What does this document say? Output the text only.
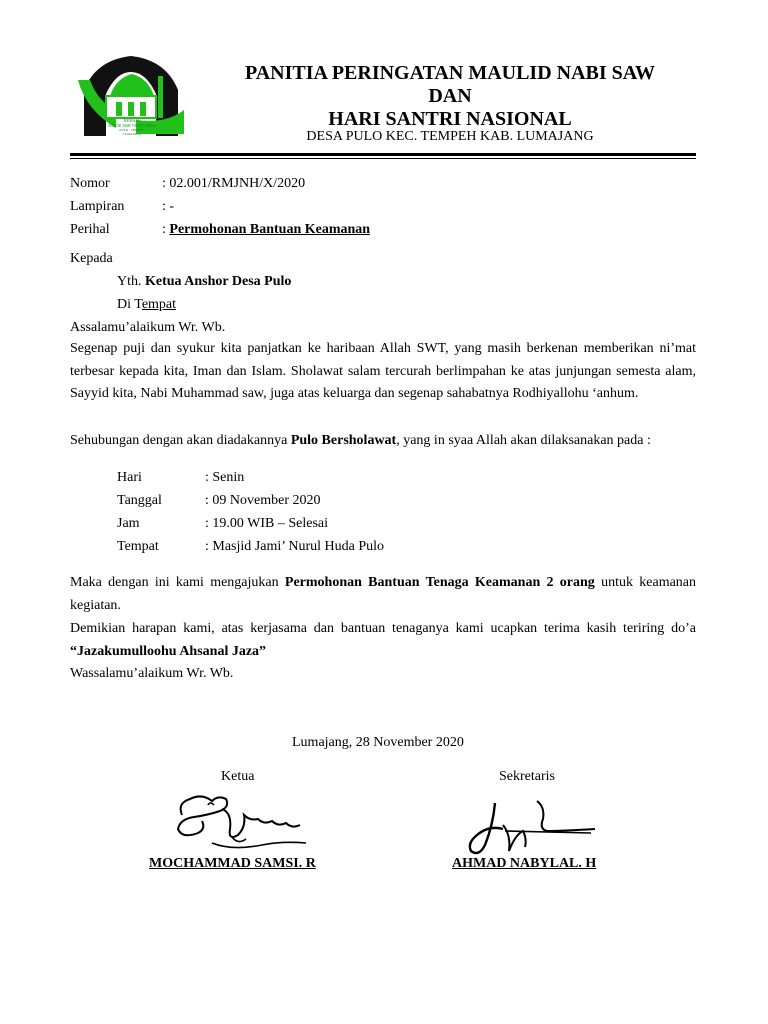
REMAJA
MASJID JAMI' NURUL HUDA
PULO - TEMPEH
LUMAJANG
PANITIA PERINGATAN MAULID NABI SAW
DAN
HARI SANTRI NASIONAL
DESA PULO KEC. TEMPEH KAB. LUMAJANG
Nomor	: 02.001/RMJNH/X/2020
Lampiran	: -
Perihal	: Permohonan Bantuan Keamanan
Kepada
Yth. Ketua Anshor Desa Pulo
Di Tempat
Assalamu’alaikum Wr. Wb.
Segenap puji dan syukur kita panjatkan ke haribaan Allah SWT, yang masih berkenan memberikan ni’mat terbesar kepada kita, Iman dan Islam. Sholawat salam tercurah berlimpahan ke atas junjungan semesta alam, Sayyid kita, Nabi Muhammad saw, juga atas keluarga dan segenap sahabatnya Rodhiyallohu ‘anhum.
Sehubungan dengan akan diadakannya Pulo Bersholawat, yang in syaa Allah akan dilaksanakan pada :
Hari	: Senin
Tanggal	: 09 November 2020
Jam	: 19.00 WIB – Selesai
Tempat	: Masjid Jami’ Nurul Huda Pulo
Maka dengan ini kami mengajukan Permohonan Bantuan Tenaga Keamanan 2 orang untuk keamanan kegiatan.
Demikian harapan kami, atas kerjasama dan bantuan tenaganya kami ucapkan terima kasih teriring do’a “Jazakumulloohu Ahsanal Jaza”
Wassalamu’alaikum Wr. Wb.
Lumajang, 28 November 2020
Ketua	Sekretaris
MOCHAMMAD SAMSI. R	AHMAD NABYLAL. H
